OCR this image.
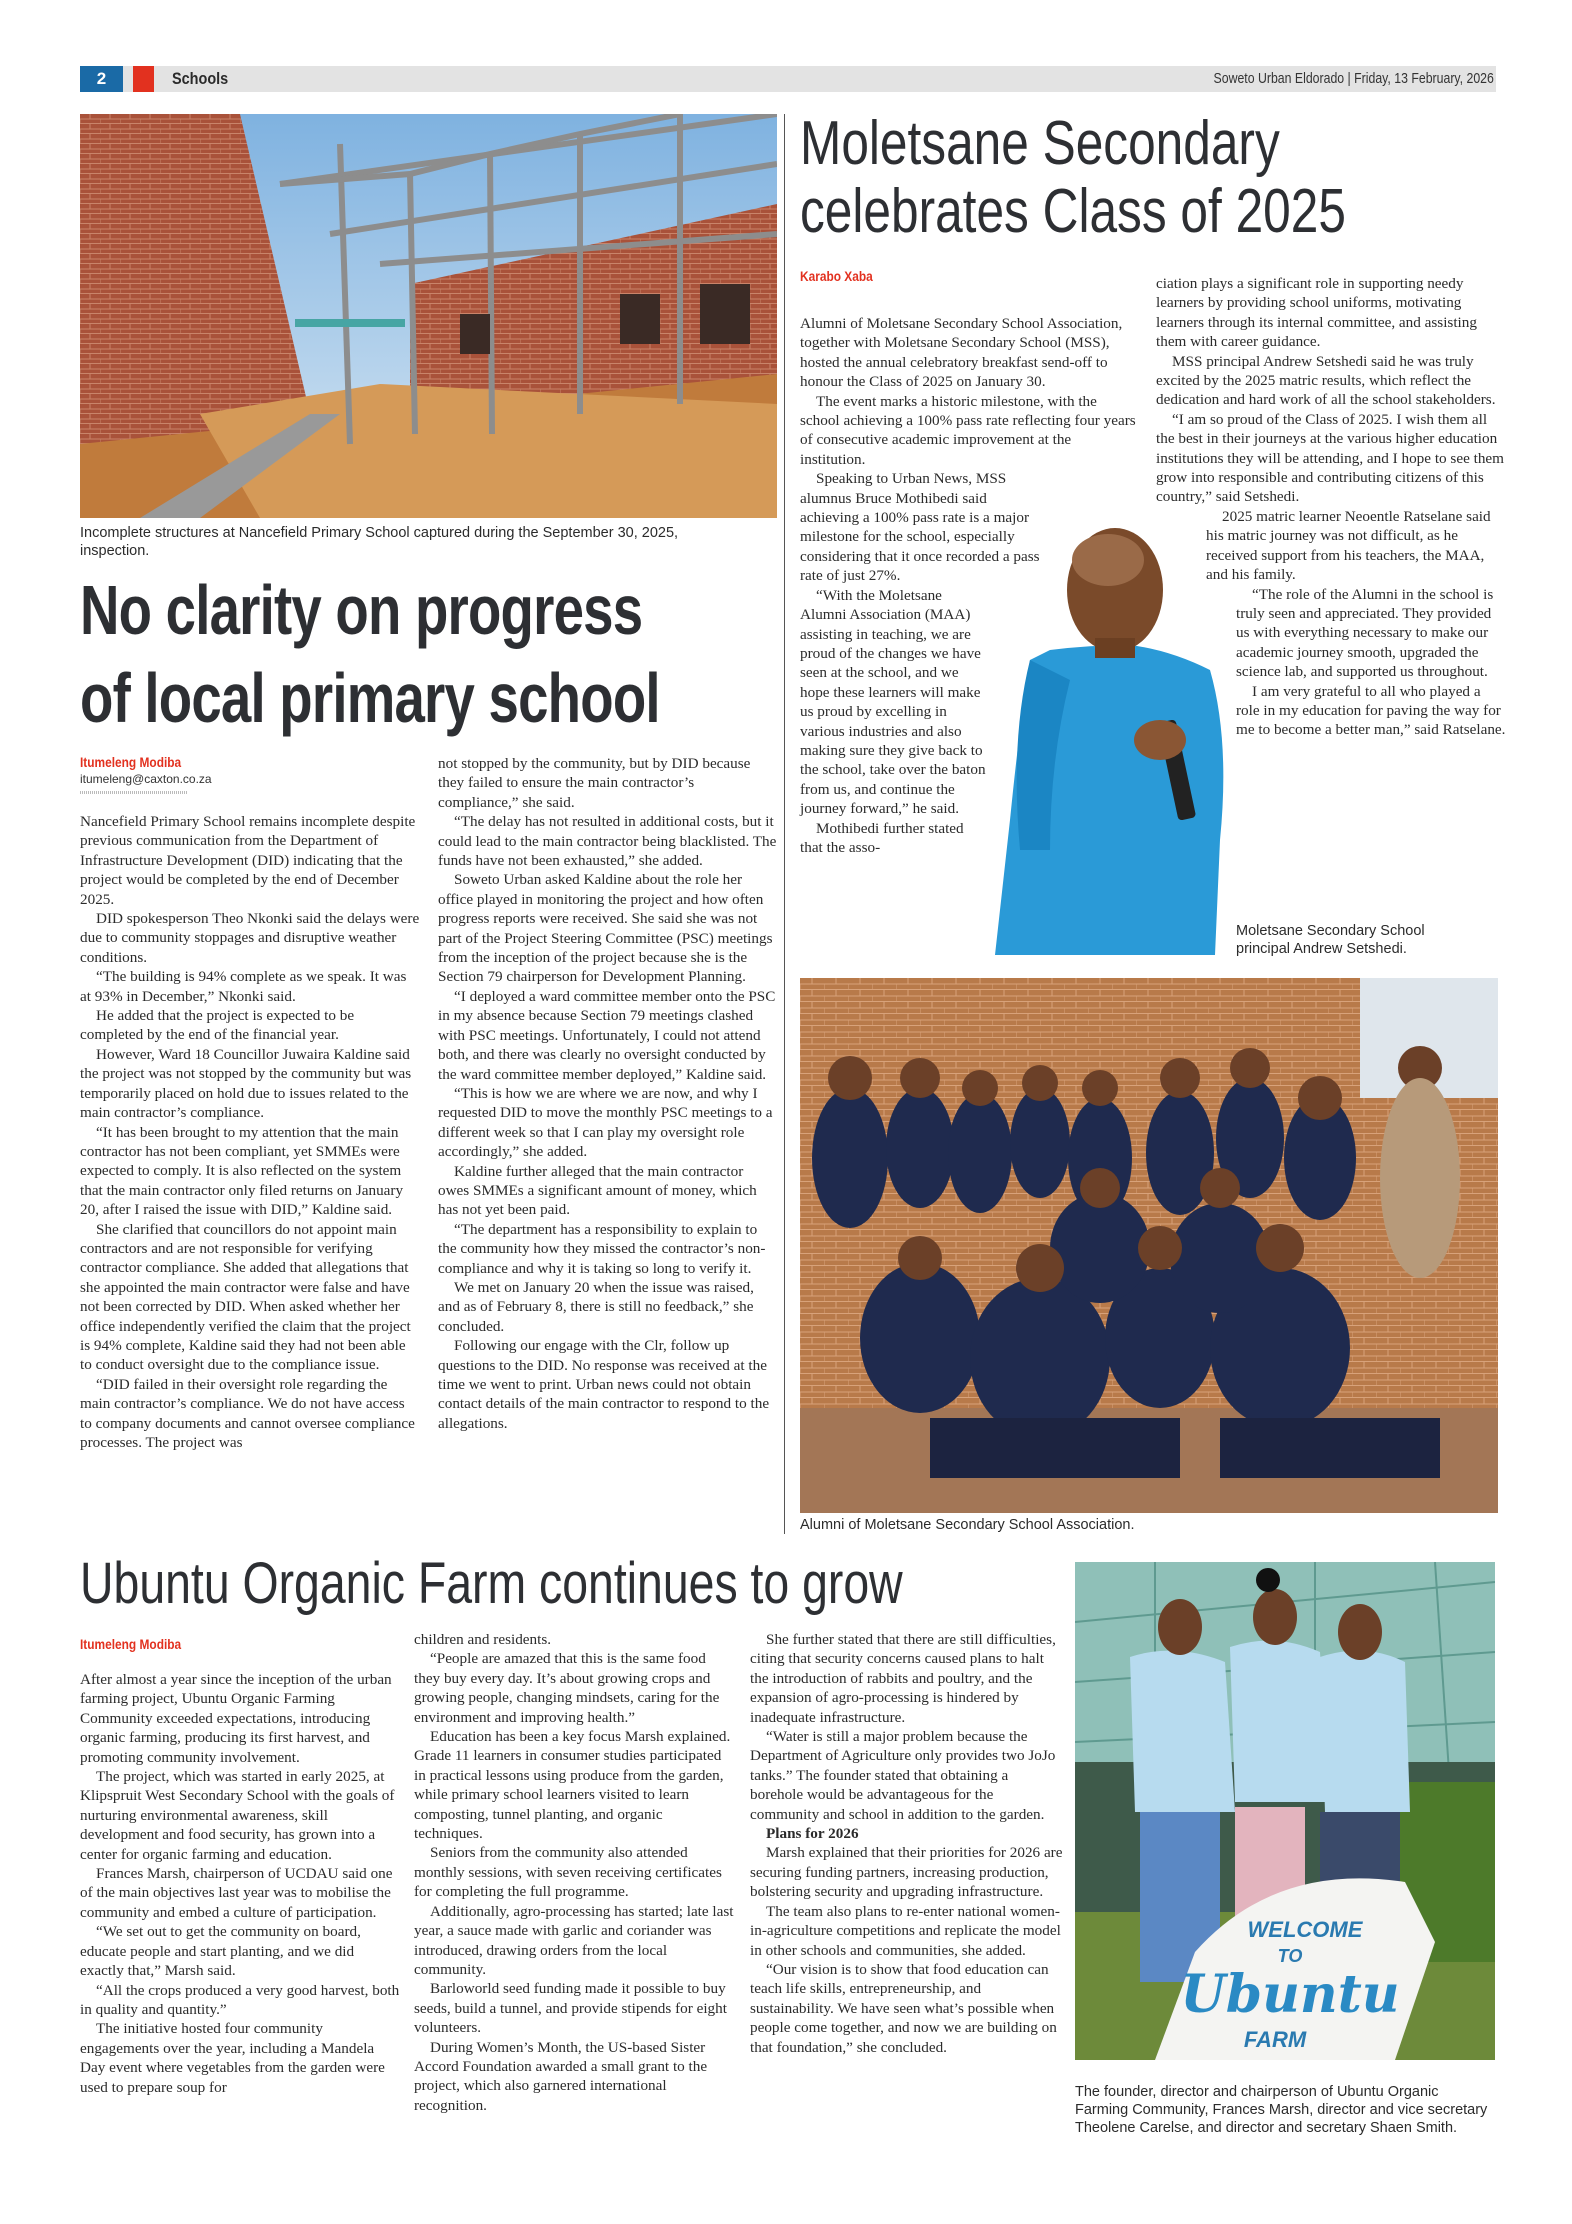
2	Schools	Soweto Urban Eldorado | Friday, 13 February, 2026
Incomplete structures at Nancefield Primary School captured during the September 30, 2025, inspection.
No clarity on progress
of local primary school
Itumeleng Modiba
itumeleng@caxton.co.za

Nancefield Primary School remains incomplete despite previous communication from the Department of Infrastructure Development (DID) indicating that the project would be completed by the end of December 2025.

DID spokesperson Theo Nkonki said the delays were due to community stoppages and disruptive weather conditions.

“The building is 94% complete as we speak. It was at 93% in December,” Nkonki said.

He added that the project is expected to be completed by the end of the financial year.

However, Ward 18 Councillor Juwaira Kaldine said the project was not stopped by the community but was temporarily placed on hold due to issues related to the main contractor’s compliance.

“It has been brought to my attention that the main contractor has not been compliant, yet SMMEs were expected to comply. It is also reflected on the system that the main contractor only filed returns on January 20, after I raised the issue with DID,” Kaldine said.

She clarified that councillors do not appoint main contractors and are not responsible for verifying contractor compliance. She added that allegations that she appointed the main contractor were false and have not been corrected by DID. When asked whether her office independently verified the claim that the project is 94% complete, Kaldine said they had not been able to conduct oversight due to the compliance issue.

“DID failed in their oversight role regarding the main contractor’s compliance. We do not have access to company documents and cannot oversee compliance processes. The project was

not stopped by the community, but by DID because they failed to ensure the main contractor’s compliance,” she said.

“The delay has not resulted in additional costs, but it could lead to the main contractor being blacklisted. The funds have not been exhausted,” she added.

Soweto Urban asked Kaldine about the role her office played in monitoring the project and how often progress reports were received. She said she was not part of the Project Steering Committee (PSC) meetings from the inception of the project because she is the Section 79 chairperson for Development Planning.

“I deployed a ward committee member onto the PSC in my absence because Section 79 meetings clashed with PSC meetings. Unfortunately, I could not attend both, and there was clearly no oversight conducted by the ward committee member deployed,” Kaldine said.

“This is how we are where we are now, and why I requested DID to move the monthly PSC meetings to a different week so that I can play my oversight role accordingly,” she added.

Kaldine further alleged that the main contractor owes SMMEs a significant amount of money, which has not yet been paid.

“The department has a responsibility to explain to the community how they missed the contractor’s non-compliance and why it is taking so long to verify it.

We met on January 20 when the issue was raised, and as of February 8, there is still no feedback,” she concluded.

Following our engage with the Clr, follow up questions to the DID. No response was received at the time we went to print. Urban news could not obtain contact details of the main contractor to respond to the allegations.

Moletsane Secondary
celebrates Class of 2025
Karabo Xaba

Alumni of Moletsane Secondary School Association, together with Moletsane Secondary School (MSS), hosted the annual celebratory breakfast send-off to honour the Class of 2025 on January 30.

The event marks a historic milestone, with the school achieving a 100% pass rate reflecting four years of consecutive academic improvement at the institution.

Speaking to Urban News, MSS alumnus Bruce Mothibedi said achieving a 100% pass rate is a major milestone for the school, especially considering that it once recorded a pass rate of just 27%.

“With the Moletsane Alumni Association (MAA) assisting in teaching, we are proud of the changes we have seen at the school, and we hope these learners will make us proud by excelling in various industries and also making sure they give back to the school, take over the baton from us, and continue the journey forward,” he said.

Mothibedi further stated that the asso-

ciation plays a significant role in supporting needy learners by providing school uniforms, motivating learners through its internal committee, and assisting them with career guidance.

MSS principal Andrew Setshedi said he was truly excited by the 2025 matric results, which reflect the dedication and hard work of all the school stakeholders.

“I am so proud of the Class of 2025. I wish them all the best in their journeys at the various higher education institutions they will be attending, and I hope to see them grow into responsible and contributing citizens of this country,” said Setshedi.

2025 matric learner Neoentle Ratselane said his matric journey was not difficult, as he received support from his teachers, the MAA, and his family.

“The role of the Alumni in the school is truly seen and appreciated. They provided us with everything necessary to make our academic journey smooth, upgraded the science lab, and supported us throughout.

I am very grateful to all who played a role in my education for paving the way for me to become a better man,” said Ratselane.

Moletsane Secondary School principal Andrew Setshedi.
Alumni of Moletsane Secondary School Association.
Ubuntu Organic Farm continues to grow
Itumeleng Modiba

After almost a year since the inception of the urban farming project, Ubuntu Organic Farming Community exceeded expectations, introducing organic farming, producing its first harvest, and promoting community involvement.

The project, which was started in early 2025, at Klipspruit West Secondary School with the goals of nurturing environmental awareness, skill development and food security, has grown into a center for organic farming and education.

Frances Marsh, chairperson of UCDAU said one of the main objectives last year was to mobilise the community and embed a culture of participation.

“We set out to get the community on board, educate people and start planting, and we did exactly that,” Marsh said.

“All the crops produced a very good harvest, both in quality and quantity.”

The initiative hosted four community engagements over the year, including a Mandela Day event where vegetables from the garden were used to prepare soup for

children and residents.

“People are amazed that this is the same food they buy every day. It’s about growing crops and growing people, changing mindsets, caring for the environment and improving health.”

Education has been a key focus Marsh explained. Grade 11 learners in consumer studies participated in practical lessons using produce from the garden, while primary school learners visited to learn composting, tunnel planting, and organic techniques.

Seniors from the community also attended monthly sessions, with seven receiving certificates for completing the full programme.

Additionally, agro-processing has started; late last year, a sauce made with garlic and coriander was introduced, drawing orders from the local community.

Barloworld seed funding made it possible to buy seeds, build a tunnel, and provide stipends for eight volunteers.

During Women’s Month, the US-based Sister Accord Foundation awarded a small grant to the project, which also garnered international recognition.

She further stated that there are still difficulties, citing that security concerns caused plans to halt the introduction of rabbits and poultry, and the expansion of agro-processing is hindered by inadequate infrastructure.

“Water is still a major problem because the Department of Agriculture only provides two JoJo tanks.” The founder stated that obtaining a borehole would be advantageous for the community and school in addition to the garden.

Plans for 2026

Marsh explained that their priorities for 2026 are securing funding partners, increasing production, bolstering security and upgrading infrastructure.

The team also plans to re-enter national women-in-agriculture competitions and replicate the model in other schools and communities, she added.

“Our vision is to show that food education can teach life skills, entrepreneurship, and sustainability. We have seen what’s possible when people come together, and now we are building on that foundation,” she concluded.

WELCOME
TO
Ubuntu
FARM
The founder, director and chairperson of Ubuntu Organic Farming Community, Frances Marsh, director and vice secretary Theolene Carelse, and director and secretary Shaen Smith.
